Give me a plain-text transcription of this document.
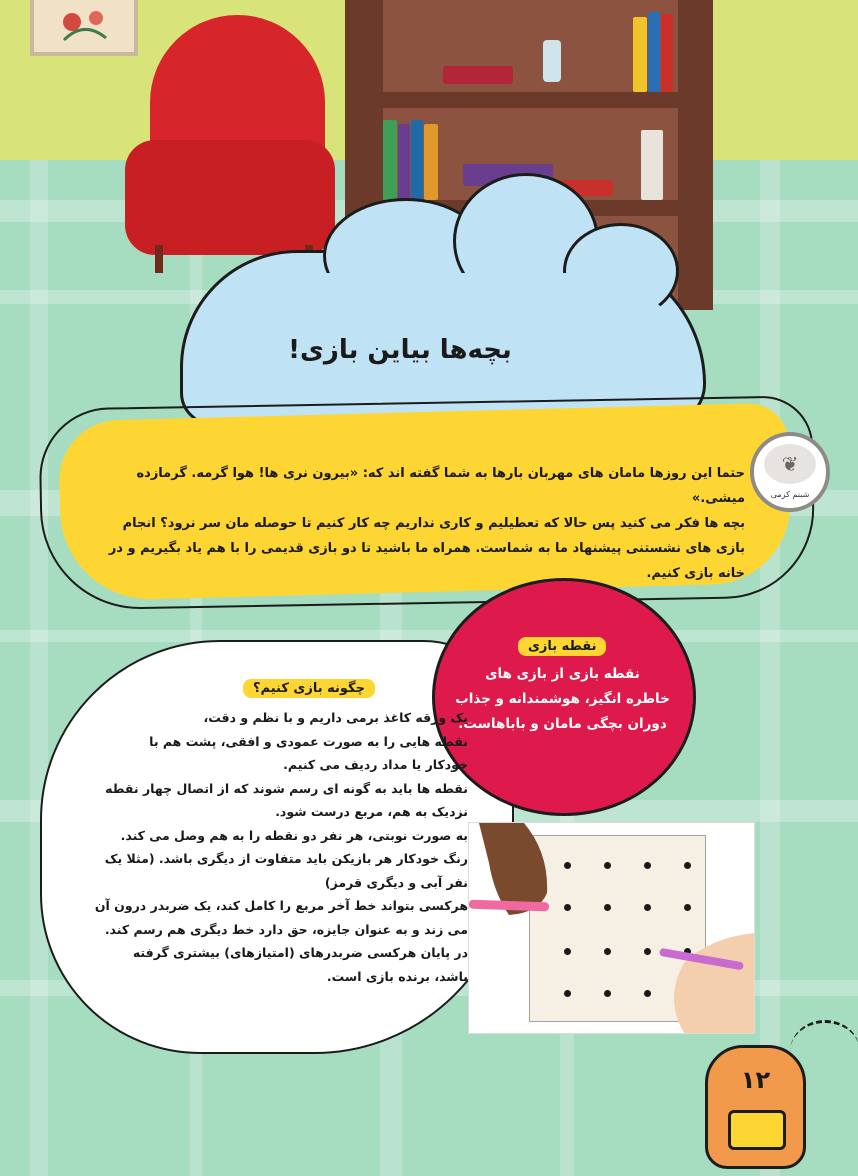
بچه‌ها بیاین بازی!
حتما این روزها مامان های مهربان بارها به شما گفته اند که: «بیرون نری ها! هوا گرمه. گرمازده میشی.»
بچه ها فکر می کنید پس حالا که تعطیلیم و کاری نداریم چه کار کنیم تا حوصله مان سر نرود؟ انجام
بازی های نشستنی پیشنهاد ما به شماست. همراه ما باشید تا دو بازی قدیمی را با هم یاد بگیریم و در
خانه بازی کنیم.
❦
شبنم کرمی
نقطه بازی
نقطه بازی از بازی های
خاطره انگیز، هوشمندانه و جذاب
دوران بچگی مامان و باباهاست.
چگونه بازی کنیم؟
یک ورقه کاغذ برمی داریم و با نظم و دقت،
نقطه هایی را به صورت عمودی و افقی، پشت هم با
خودکار یا مداد ردیف می کنیم.
نقطه ها باید به گونه ای رسم شوند که از اتصال چهار نقطه
نزدیک به هم، مربع درست شود.
به صورت نوبتی، هر نفر دو نقطه را به هم وصل می کند.
رنگ خودکار هر بازیکن باید متفاوت از دیگری باشد. (مثلا یک
نفر آبی و دیگری قرمز)
هرکسی بتواند خط آخر مربع را کامل کند، یک ضربدر درون آن
می زند و به عنوان جایزه، حق دارد خط دیگری هم رسم کند.
در پایان هرکسی ضربدرهای (امتیازهای) بیشتری گرفته
باشد، برنده بازی است.
۱۲
